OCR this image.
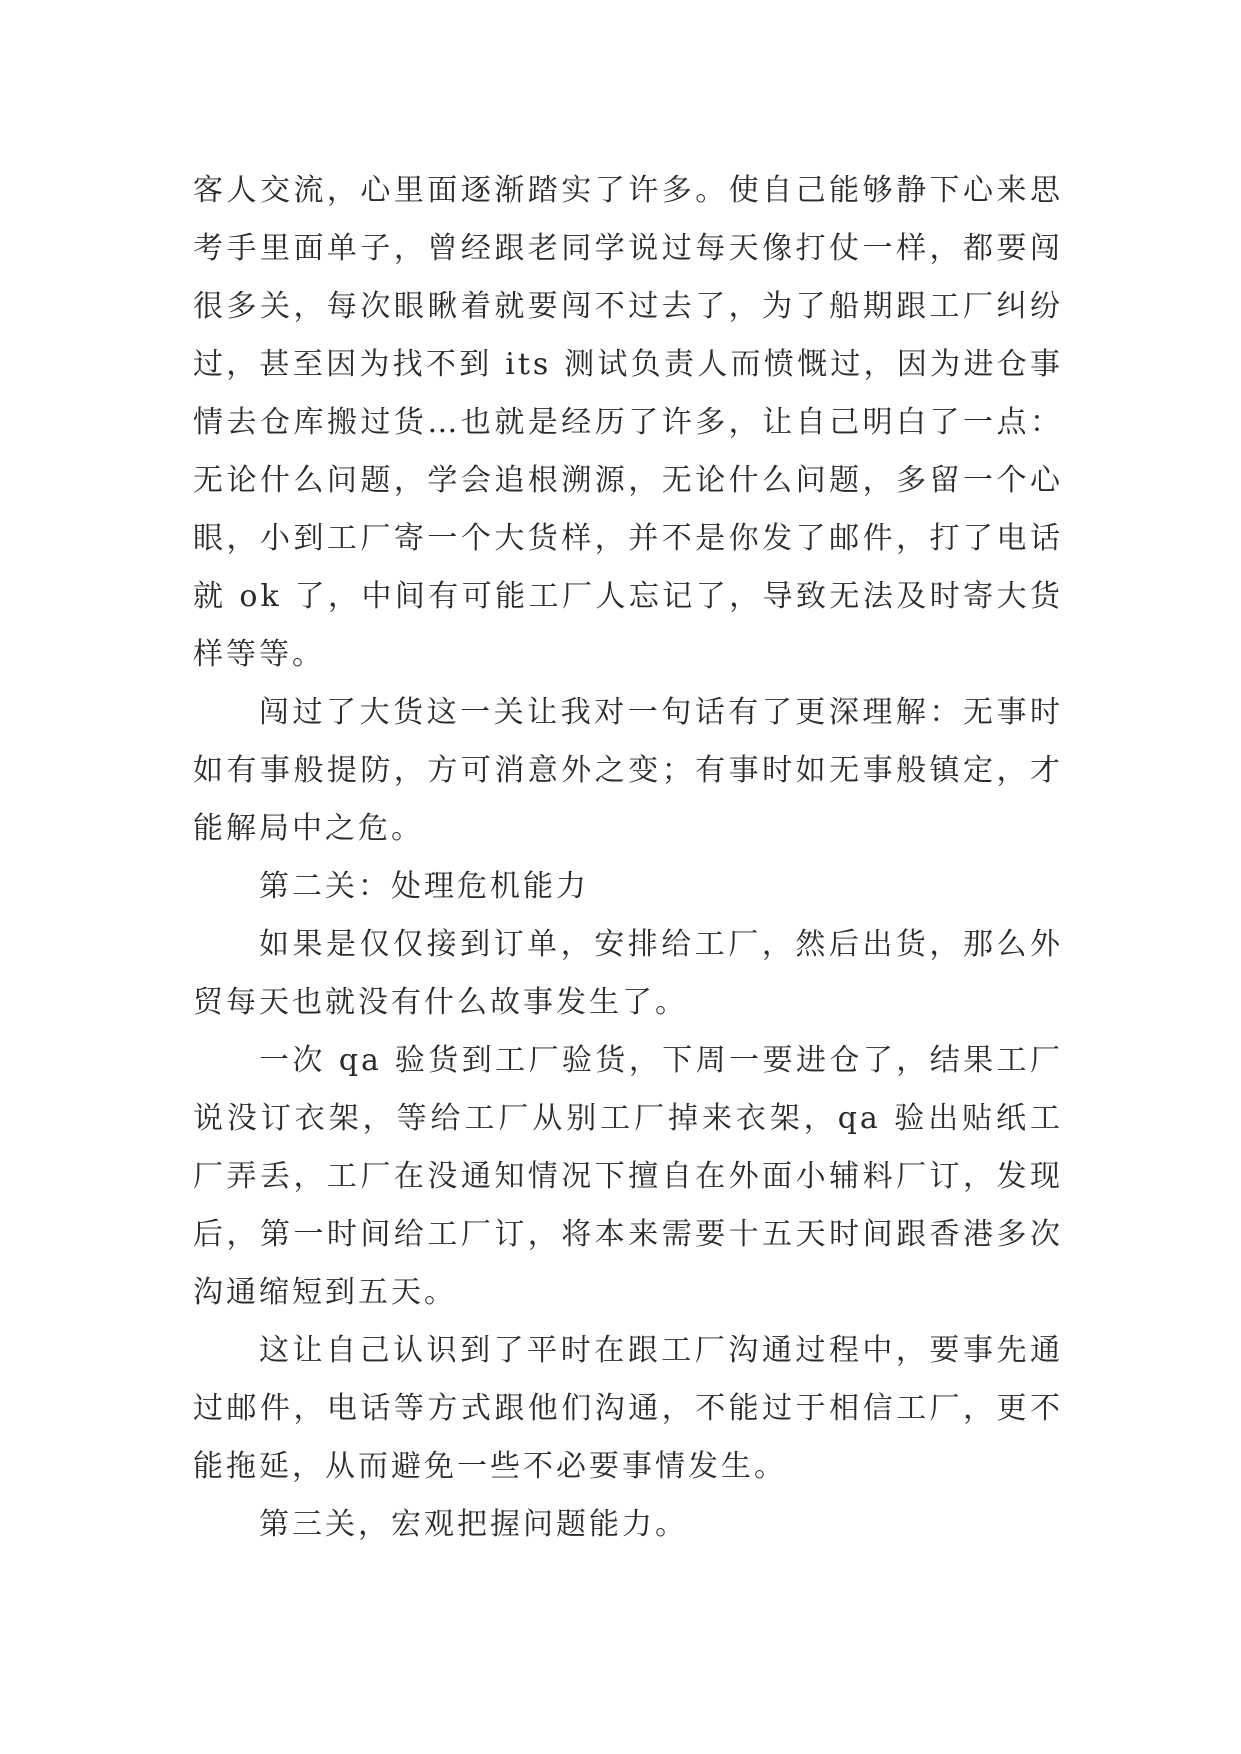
客人交流，心里面逐渐踏实了许多。使自己能够静下心来思考手里面单子，曾经跟老同学说过每天像打仗一样，都要闯很多关，每次眼瞅着就要闯不过去了，为了船期跟工厂纠纷过，甚至因为找不到 its 测试负责人而愤慨过，因为进仓事情去仓库搬过货…也就是经历了许多，让自己明白了一点：无论什么问题，学会追根溯源，无论什么问题，多留一个心眼，小到工厂寄一个大货样，并不是你发了邮件，打了电话就 ok 了，中间有可能工厂人忘记了，导致无法及时寄大货样等等。

闯过了大货这一关让我对一句话有了更深理解：无事时如有事般提防，方可消意外之变；有事时如无事般镇定，才能解局中之危。

第二关：处理危机能力

如果是仅仅接到订单，安排给工厂，然后出货，那么外贸每天也就没有什么故事发生了。

一次 qa 验货到工厂验货，下周一要进仓了，结果工厂说没订衣架，等给工厂从别工厂掉来衣架，qa 验出贴纸工厂弄丢，工厂在没通知情况下擅自在外面小辅料厂订，发现后，第一时间给工厂订，将本来需要十五天时间跟香港多次沟通缩短到五天。

这让自己认识到了平时在跟工厂沟通过程中，要事先通过邮件，电话等方式跟他们沟通，不能过于相信工厂，更不能拖延，从而避免一些不必要事情发生。

第三关，宏观把握问题能力。
